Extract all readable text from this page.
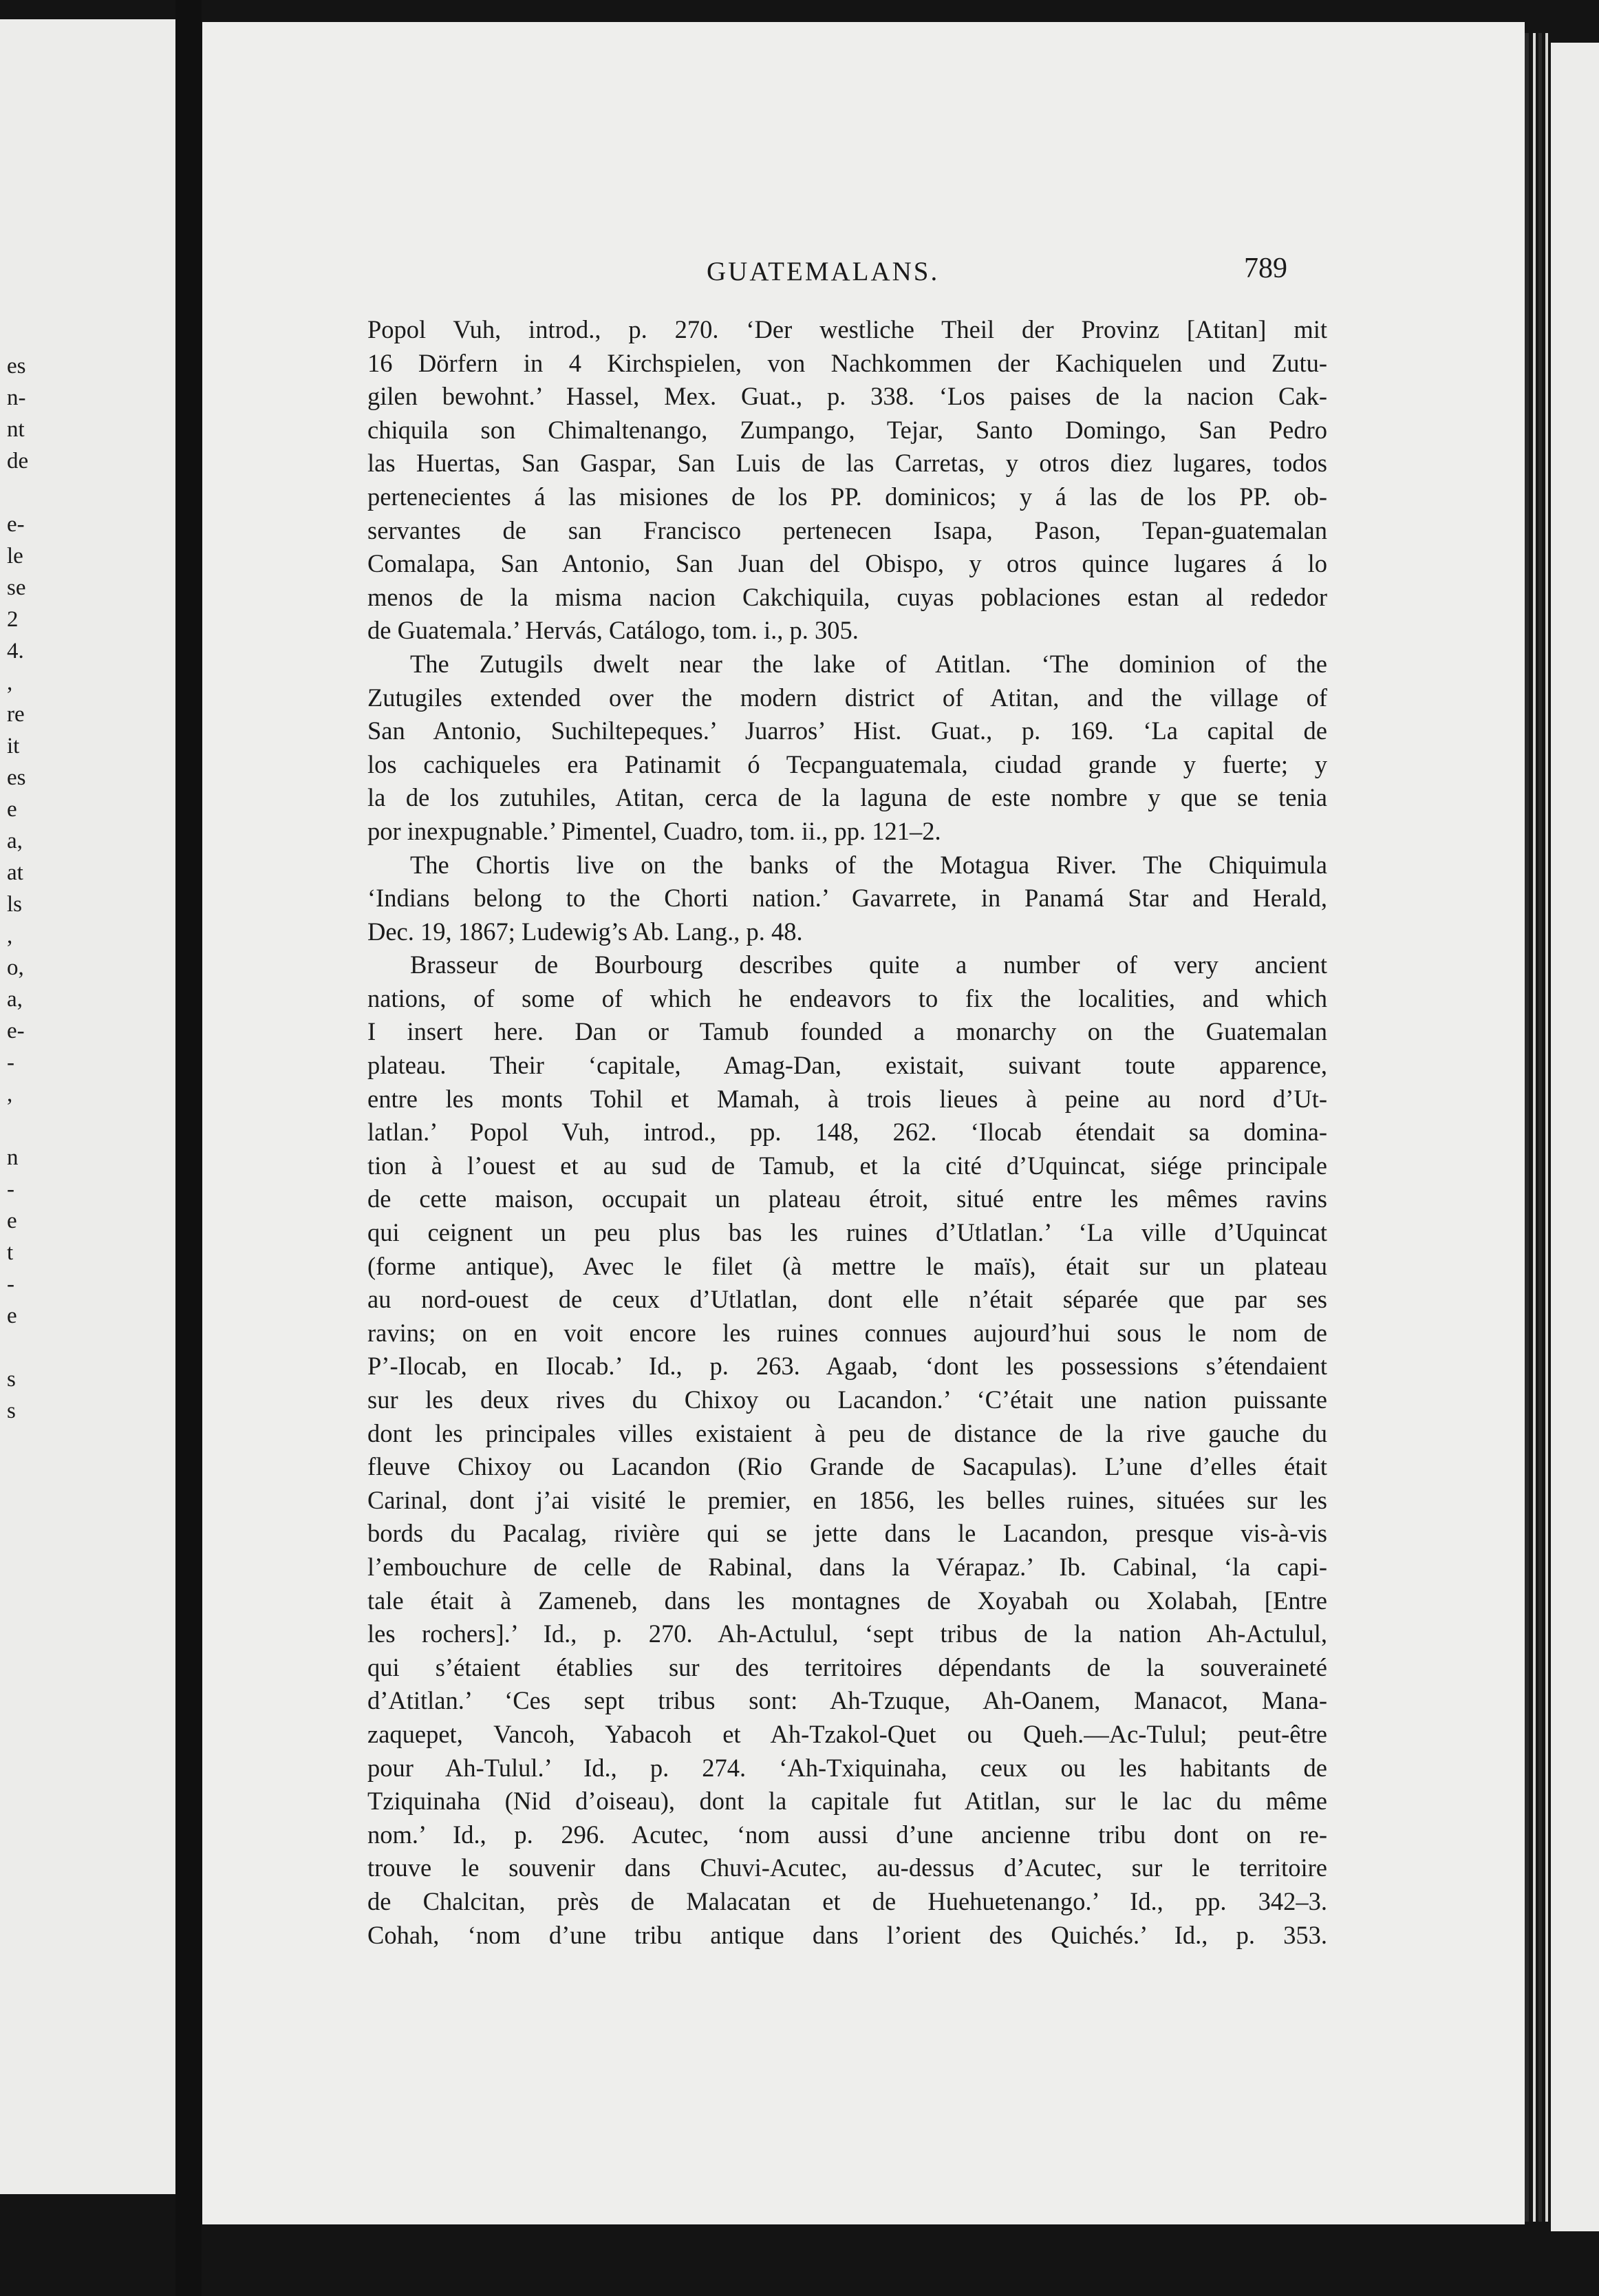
es
n-
nt
de
e-
le
se
2
4.
,
re
it
es
e
a,
at
ls
,
o,
a,
e-
-
,
n
-
e
t
-
e
s
s
GUATEMALANS.	789
Popol Vuh, introd., p. 270. ‘Der westliche Theil der Provinz [Atitan] mit
16 Dörfern in 4 Kirchspielen, von Nachkommen der Kachiquelen und Zutu-
gilen bewohnt.’ Hassel, Mex. Guat., p. 338. ‘Los paises de la nacion Cak-
chiquila son Chimaltenango, Zumpango, Tejar, Santo Domingo, San Pedro
las Huertas, San Gaspar, San Luis de las Carretas, y otros diez lugares, todos
pertenecientes á las misiones de los PP. dominicos; y á las de los PP. ob-
servantes de san Francisco pertenecen Isapa, Pason, Tepan-guatemalan
Comalapa, San Antonio, San Juan del Obispo, y otros quince lugares á lo
menos de la misma nacion Cakchiquila, cuyas poblaciones estan al rededor
de Guatemala.’ Hervás, Catálogo, tom. i., p. 305.
The Zutugils dwelt near the lake of Atitlan. ‘The dominion of the
Zutugiles extended over the modern district of Atitan, and the village of
San Antonio, Suchiltepeques.’ Juarros’ Hist. Guat., p. 169. ‘La capital de
los cachiqueles era Patinamit ó Tecpanguatemala, ciudad grande y fuerte; y
la de los zutuhiles, Atitan, cerca de la laguna de este nombre y que se tenia
por inexpugnable.’ Pimentel, Cuadro, tom. ii., pp. 121–2.
The Chortis live on the banks of the Motagua River. The Chiquimula
‘Indians belong to the Chorti nation.’ Gavarrete, in Panamá Star and Herald,
Dec. 19, 1867; Ludewig’s Ab. Lang., p. 48.
Brasseur de Bourbourg describes quite a number of very ancient
nations, of some of which he endeavors to fix the localities, and which
I insert here. Dan or Tamub founded a monarchy on the Guatemalan
plateau. Their ‘capitale, Amag-Dan, existait, suivant toute apparence,
entre les monts Tohil et Mamah, à trois lieues à peine au nord d’Ut-
latlan.’ Popol Vuh, introd., pp. 148, 262. ‘Ilocab étendait sa domina-
tion à l’ouest et au sud de Tamub, et la cité d’Uquincat, siége principale
de cette maison, occupait un plateau étroit, situé entre les mêmes ravins
qui ceignent un peu plus bas les ruines d’Utlatlan.’ ‘La ville d’Uquincat
(forme antique), Avec le filet (à mettre le maïs), était sur un plateau
au nord-ouest de ceux d’Utlatlan, dont elle n’était séparée que par ses
ravins; on en voit encore les ruines connues aujourd’hui sous le nom de
P’-Ilocab, en Ilocab.’ Id., p. 263. Agaab, ‘dont les possessions s’étendaient
sur les deux rives du Chixoy ou Lacandon.’ ‘C’était une nation puissante
dont les principales villes existaient à peu de distance de la rive gauche du
fleuve Chixoy ou Lacandon (Rio Grande de Sacapulas). L’une d’elles était
Carinal, dont j’ai visité le premier, en 1856, les belles ruines, situées sur les
bords du Pacalag, rivière qui se jette dans le Lacandon, presque vis-à-vis
l’embouchure de celle de Rabinal, dans la Vérapaz.’ Ib. Cabinal, ‘la capi-
tale était à Zameneb, dans les montagnes de Xoyabah ou Xolabah, [Entre
les rochers].’ Id., p. 270. Ah-Actulul, ‘sept tribus de la nation Ah-Actulul,
qui s’étaient établies sur des territoires dépendants de la souveraineté
d’Atitlan.’ ‘Ces sept tribus sont: Ah-Tzuque, Ah-Oanem, Manacot, Mana-
zaquepet, Vancoh, Yabacoh et Ah-Tzakol-Quet ou Queh.—Ac-Tulul; peut-être
pour Ah-Tulul.’ Id., p. 274. ‘Ah-Txiquinaha, ceux ou les habitants de
Tziquinaha (Nid d’oiseau), dont la capitale fut Atitlan, sur le lac du même
nom.’ Id., p. 296. Acutec, ‘nom aussi d’une ancienne tribu dont on re-
trouve le souvenir dans Chuvi-Acutec, au-dessus d’Acutec, sur le territoire
de Chalcitan, près de Malacatan et de Huehuetenango.’ Id., pp. 342–3.
Cohah, ‘nom d’une tribu antique dans l’orient des Quichés.’ Id., p. 353.
